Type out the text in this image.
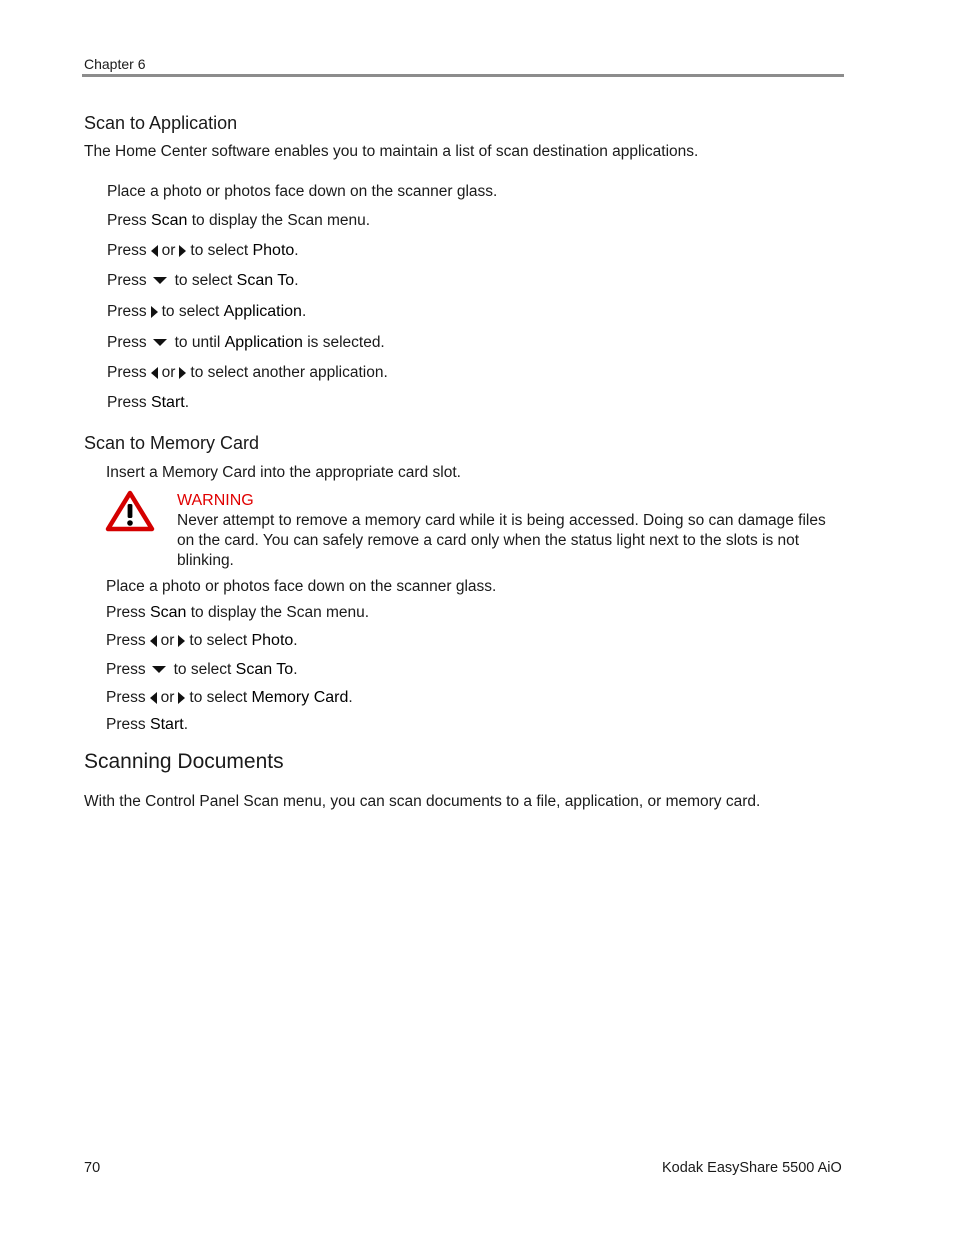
Chapter 6
Scan to Application
The Home Center software enables you to maintain a list of scan destination applications.
Place a photo or photos face down on the scanner glass.
Press Scan to display the Scan menu.
Press or to select Photo.
Press to select Scan To.
Press to select Application.
Press to until Application is selected.
Press or to select another application.
Press Start.
Scan to Memory Card
Insert a Memory Card into the appropriate card slot.
WARNING
Never attempt to remove a memory card while it is being accessed. Doing so can damage files on the card. You can safely remove a card only when the status light next to the slots is not blinking.
Place a photo or photos face down on the scanner glass.
Press Scan to display the Scan menu.
Press or to select Photo.
Press to select Scan To.
Press or to select Memory Card.
Press Start.
Scanning Documents
With the Control Panel Scan menu, you can scan documents to a file, application, or memory card.
70	Kodak EasyShare 5500 AiO
